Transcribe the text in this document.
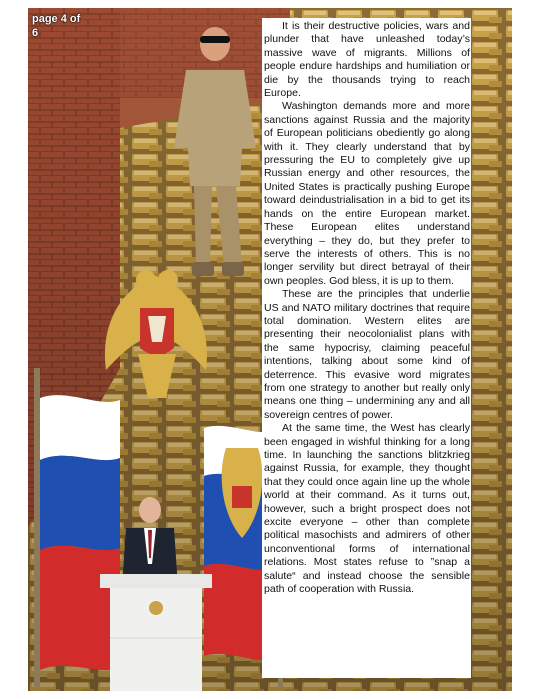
page 4 of 6

It is their destructive policies, wars and plunder that have unleashed today’s massive wave of migrants. Millions of people endure hardships and humiliation or die by the thousands trying to reach Europe.

Washington demands more and more sanctions against Russia and the majority of European politicians obediently go along with it. They clearly understand that by pressuring the EU to completely give up Russian energy and other resources, the United States is practically pushing Europe toward deindustrialisation in a bid to get its hands on the entire European market. These European elites understand everything – they do, but they prefer to serve the interests of others. This is no longer servility but direct betrayal of their own peoples. God bless, it is up to them.

These are the principles that underlie US and NATO military doctrines that require total domination. Western elites are presenting their neocolonialist plans with the same hypocrisy, claiming peaceful intentions, talking about some kind of deterrence. This evasive word migrates from one strategy to another but really only means one thing – undermining any and all sovereign centres of power.

At the same time, the West has clearly been engaged in wishful thinking for a long time. In launching the sanctions blitzkrieg against Russia, for example, they thought that they could once again line up the whole world at their command. As it turns out, however, such a bright prospect does not excite everyone – other than complete political masochists and admirers of other unconventional forms of international relations. Most states refuse to ”snap a salute“ and instead choose the sensible path of cooperation with Russia.
